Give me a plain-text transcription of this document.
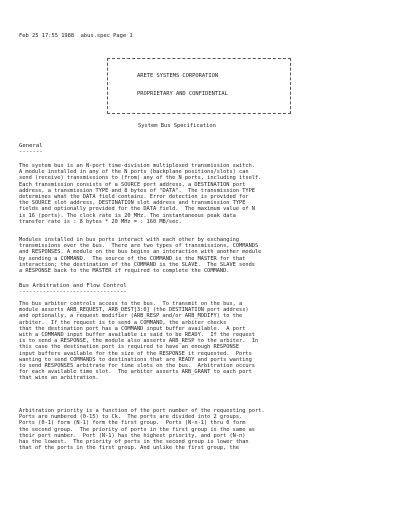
Feb 25 17:55 1988  abus.spec Page 1
ARETE SYSTEMS CORPORATION
PROPRIETARY AND CONFIDENTIAL
System Bus Specification
General
-------
The system bus is an N-port time-division multiplexed transmission switch.
A module installed in any of the N ports (backplane positions/slots) can
send (receive) transmissions to (from) any of the N ports, including itself.
Each transmission consists of a SOURCE port address, a DESTINATION port
address, a transmission TYPE and 8 bytes of "DATA".  The transmission TYPE
determines what the DATA field contains. Error detection is provided for
the SOURCE slot address, DESTINATION slot address and transmission TYPE
fields and optionally provided for the DATA field.  The maximum value of N
is 16 (ports). The clock rate is 20 MHz. The instantaneous peak data
transfer rate is : 8 bytes * 20 MHz = : 160 MB/sec.
Modules installed in bus ports interact with each other by exchanging
transmissions over the bus.  There are two types of transmissions, COMMANDS
and RESPONSES. A module on the bus begins an interaction with another module
by sending a COMMAND.  The source of the COMMAND is the MASTER for that
interaction; the destination of the COMMAND is the SLAVE.  The SLAVE sends
a RESPONSE back to the MASTER if required to complete the COMMAND.
Bus Arbitration and Flow Control
--------------------------------
The bus arbiter controls access to the bus.  To transmit on the bus, a
module asserts ARB_REQUEST, ARB_DEST[3:0] (the DESTINATION port address)
and optionally, a request modifier (ARB_RESP and/or ARB_MODIFY) to the
arbiter.  If the request is to send a COMMAND, the arbiter checks
that the destination port has a COMMAND input buffer available.  A port
with a COMMAND input buffer available is said to be READY.  If the request
is to send a RESPONSE, the module also asserts ARB_RESP to the arbiter.  In
this case the destination port is required to have an enough RESPONSE
input buffers available for the size of the RESPONSE it requested.  Ports
wanting to send COMMANDS to destinations that are READY and ports wanting
to send RESPONSES arbitrate for time slots on the bus.  Arbitration occurs
for each available time slot.  The arbiter asserts ARB_GRANT to each port
that wins an arbitration.
Arbitration priority is a function of the port number of the requesting port.
Ports are numbered (0-15) to Ck.  The ports are divided into 2 groups.
Ports (0-1) form (N-1) form the first group.  Ports (N-n-1) thru 0 form
the second group.  The priority of ports in the first group is the same as
their port number.  Port (N-1) has the highest priority, and port (N-n)
has the lowest.  The priority of ports in the second group is lower than
that of the ports in the first group. And unlike the first group, the
